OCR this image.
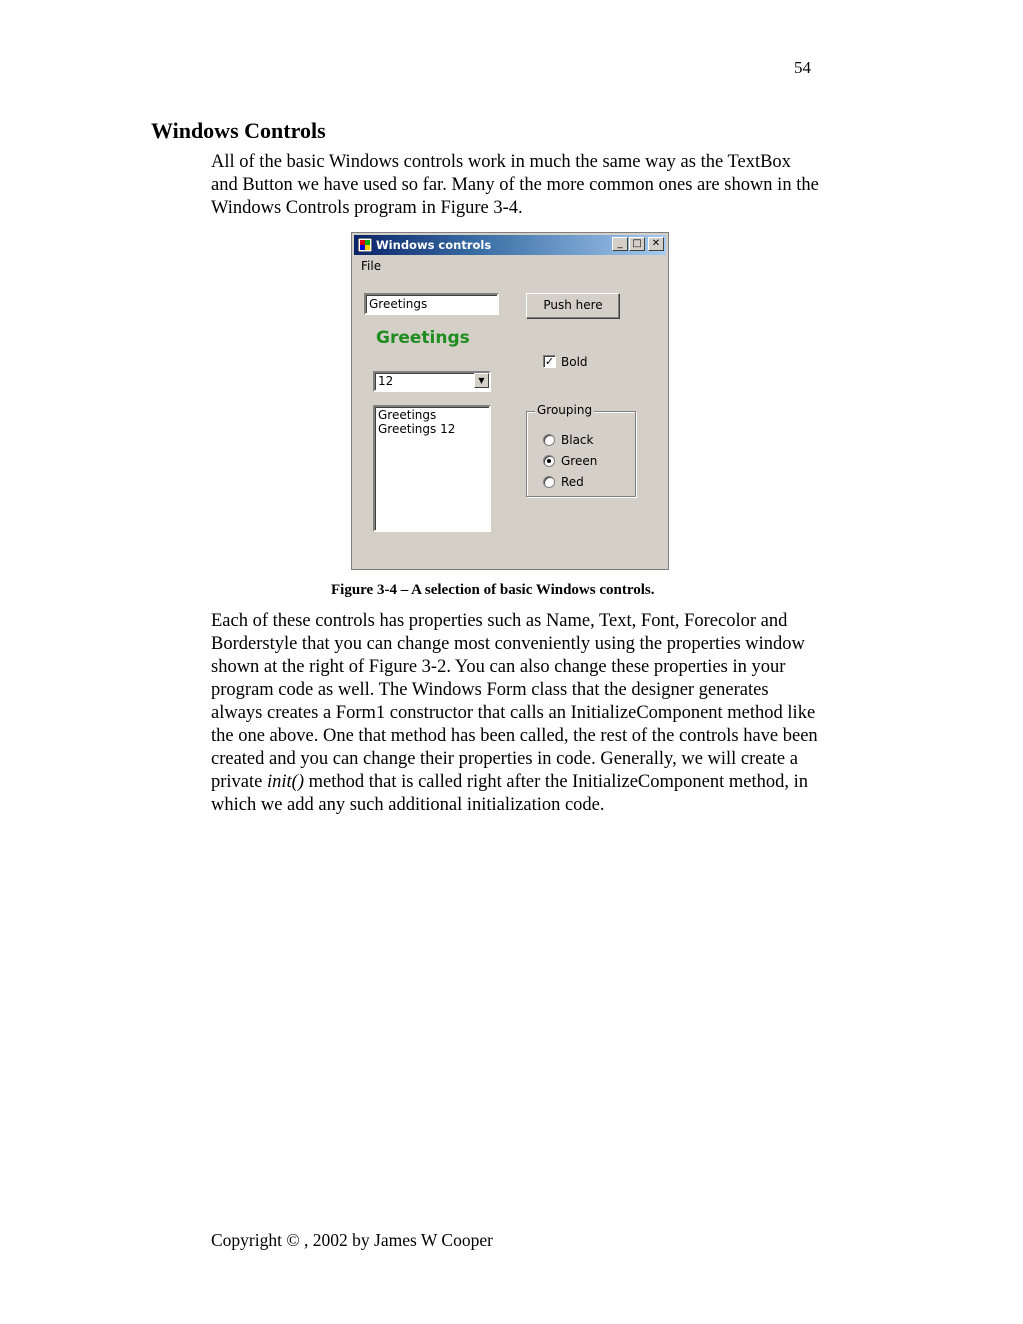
54
Windows Controls

All of the basic Windows controls work in much the same way as the TextBox and Button we have used so far. Many of the more common ones are shown in the Windows Controls program in Figure 3-4.

Windows controls	_ □	✕
File
Greetings	Push here
Greetings
✓ Bold
12	▼
Greetings
Greetings 12
Grouping
Black
Green
Red

Figure 3-4 – A selection of basic Windows controls.

Each of these controls has properties such as Name, Text, Font, Forecolor and Borderstyle that you can change most conveniently using the properties window shown at the right of Figure 3-2. You can also change these properties in your program code as well. The Windows Form class that the designer generates always creates a Form1 constructor that calls an InitializeComponent method like the one above. One that method has been called, the rest of the controls have been created and you can change their properties in code. Generally, we will create a private init() method that is called right after the InitializeComponent method, in which we add any such additional initialization code.

Copyright © , 2002 by James W Cooper
